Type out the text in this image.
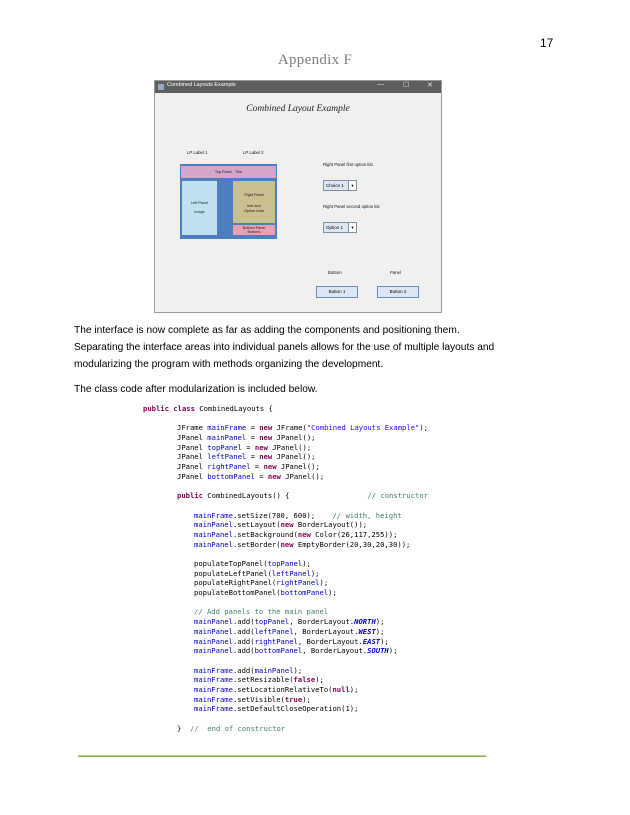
17
Appendix F
Combined Layouts Example	—	☐	✕
Combined Layout Example
LP Label 1	LP Label 2
Top Panel - Title
Left Panel
Image
Right Panel
text and
Option Lists
Bottom Panel
Buttons
Right Panel first option list
Choice 1	▼
Right Panel second option list
Option 1	▼
Bottom	Panel
Button 1	Button 2
The interface is now complete as far as adding the components and positioning them.
Separating the interface areas into individual panels allows for the use of multiple layouts and
modularizing the program with methods organizing the development.
The class code after modularization is included below.
public class CombinedLayouts {
JFrame mainFrame = new JFrame("Combined Layouts Example");
JPanel mainPanel = new JPanel();
JPanel topPanel = new JPanel();
JPanel leftPanel = new JPanel();
JPanel rightPanel = new JPanel();
JPanel bottomPanel = new JPanel();
public CombinedLayouts() {                  // constructor
mainFrame.setSize(700, 600);    // width, height
mainPanel.setLayout(new BorderLayout());
mainPanel.setBackground(new Color(26,117,255));
mainPanel.setBorder(new EmptyBorder(20,30,20,30));
populateTopPanel(topPanel);
populateLeftPanel(leftPanel);
populateRightPanel(rightPanel);
populateBottomPanel(bottomPanel);
// Add panels to the main panel
mainPanel.add(topPanel, BorderLayout.NORTH);
mainPanel.add(leftPanel, BorderLayout.WEST);
mainPanel.add(rightPanel, BorderLayout.EAST);
mainPanel.add(bottomPanel, BorderLayout.SOUTH);
mainFrame.add(mainPanel);
mainFrame.setResizable(false);
mainFrame.setLocationRelativeTo(null);
mainFrame.setVisible(true);
mainFrame.setDefaultCloseOperation(1);
}  //  end of constructor
